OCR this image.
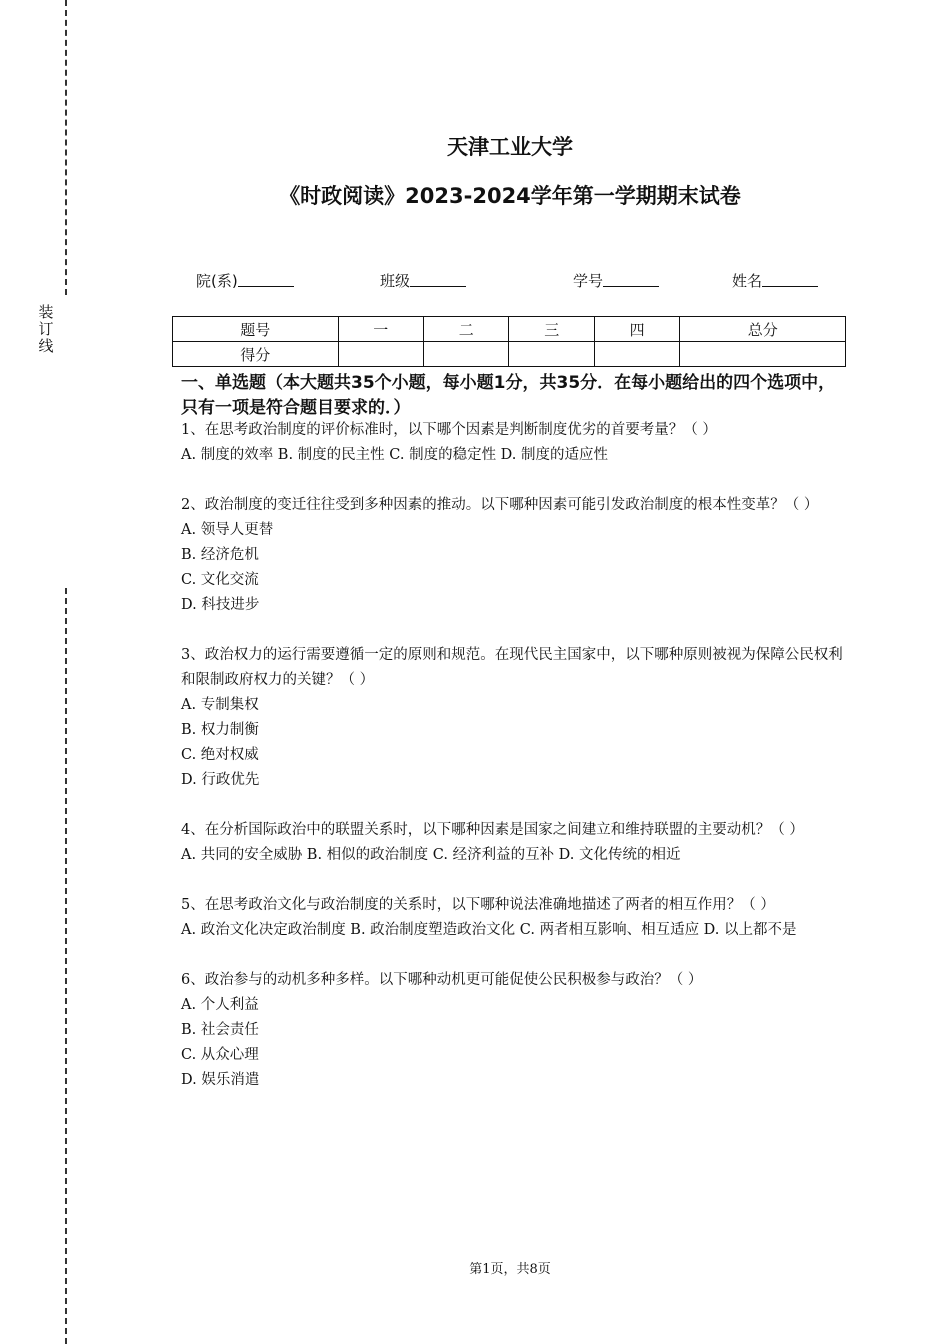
装订线
天津工业大学
《时政阅读》2023-2024学年第一学期期末试卷
院(系)	班级	学号	姓名
题号	一	二	三	四	总分
得分					
一、单选题（本大题共35个小题，每小题1分，共35分．在每小题给出的四个选项中，只有一项是符合题目要求的．）

1、在思考政治制度的评价标准时，以下哪个因素是判断制度优劣的首要考量？（ ）

A. 制度的效率 B. 制度的民主性 C. 制度的稳定性 D. 制度的适应性

2、政治制度的变迁往往受到多种因素的推动。以下哪种因素可能引发政治制度的根本性变革？（ ）

A. 领导人更替

B. 经济危机

C. 文化交流

D. 科技进步

3、政治权力的运行需要遵循一定的原则和规范。在现代民主国家中，以下哪种原则被视为保障公民权利和限制政府权力的关键？（ ）

A. 专制集权

B. 权力制衡

C. 绝对权威

D. 行政优先

4、在分析国际政治中的联盟关系时，以下哪种因素是国家之间建立和维持联盟的主要动机？（ ）

A. 共同的安全威胁 B. 相似的政治制度 C. 经济利益的互补 D. 文化传统的相近

5、在思考政治文化与政治制度的关系时，以下哪种说法准确地描述了两者的相互作用？（ ）

A. 政治文化决定政治制度 B. 政治制度塑造政治文化 C. 两者相互影响、相互适应 D. 以上都不是

6、政治参与的动机多种多样。以下哪种动机更可能促使公民积极参与政治？（ ）

A. 个人利益

B. 社会责任

C. 从众心理

D. 娱乐消遣

第1页，共8页
